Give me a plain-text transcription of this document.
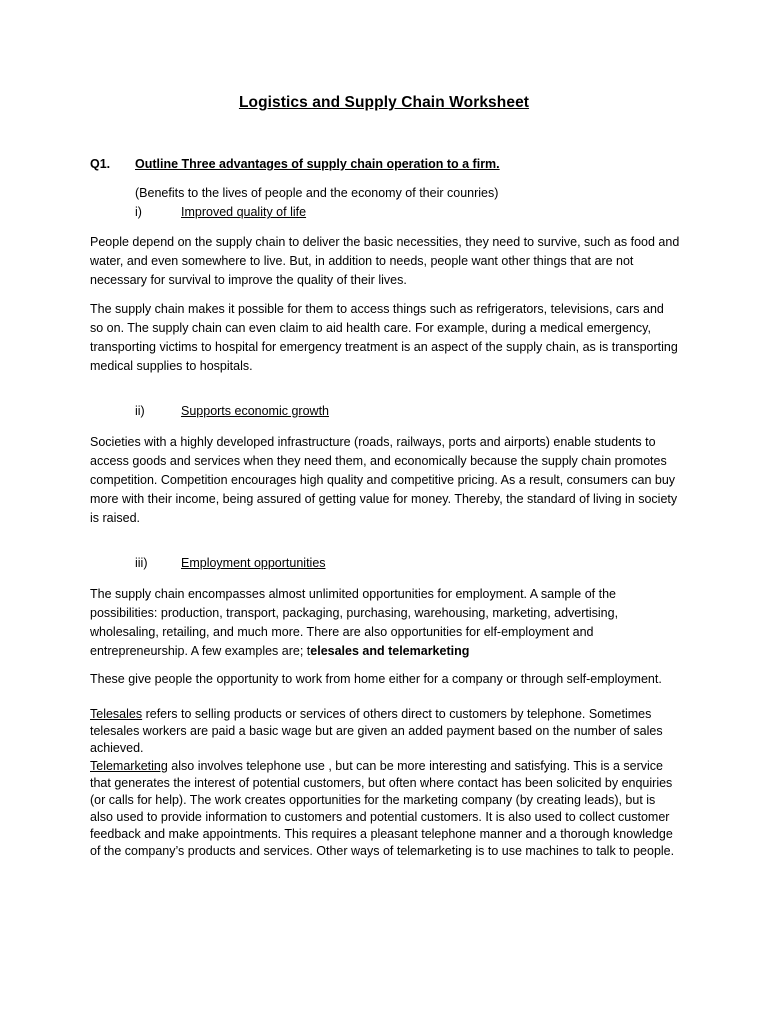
Logistics and Supply Chain Worksheet
Q1.	Outline Three advantages of supply chain operation to a firm.
(Benefits to the lives of people and the economy of their counries)
i)	Improved quality of life
People depend on the supply chain to deliver the basic necessities, they need to survive, such as food and water, and even somewhere to live. But, in addition to needs, people want other things that are not necessary for survival to improve the quality of their lives.
The supply chain makes it possible for them to access things such as refrigerators, televisions, cars and so on. The supply chain can even claim to aid health care. For example, during a medical emergency, transporting victims to hospital for emergency treatment is an aspect of the supply chain, as is transporting medical supplies to hospitals.
ii)	Supports economic growth
Societies with a highly developed infrastructure (roads, railways, ports and airports) enable students to access goods and services when they need them, and economically because the supply chain promotes competition. Competition encourages high quality and competitive pricing. As a result, consumers can buy more with their income, being assured of getting value for money. Thereby, the standard of living in society is raised.
iii)	Employment opportunities
The supply chain encompasses almost unlimited opportunities for employment. A sample of the possibilities: production, transport, packaging, purchasing, warehousing, marketing, advertising, wholesaling, retailing, and much more. There are also opportunities for elf-employment and entrepreneurship. A few examples are; telesales and telemarketing
These give people the opportunity to work from home either for a company or through self-employment.
Telesales refers to selling products or services of others direct to customers by telephone. Sometimes telesales workers are paid a basic wage but are given an added payment based on the number of sales achieved.
Telemarketing also involves telephone use , but can be more interesting and satisfying. This is a service that generates the interest of potential customers, but often where contact has been solicited by enquiries (or calls for help). The work creates opportunities for the marketing company (by creating leads), but is also used to provide information to customers and potential customers. It is also used to collect customer feedback and make appointments. This requires a pleasant telephone manner and a thorough knowledge of the company’s products and services. Other ways of telemarketing is to use machines to talk to people.
